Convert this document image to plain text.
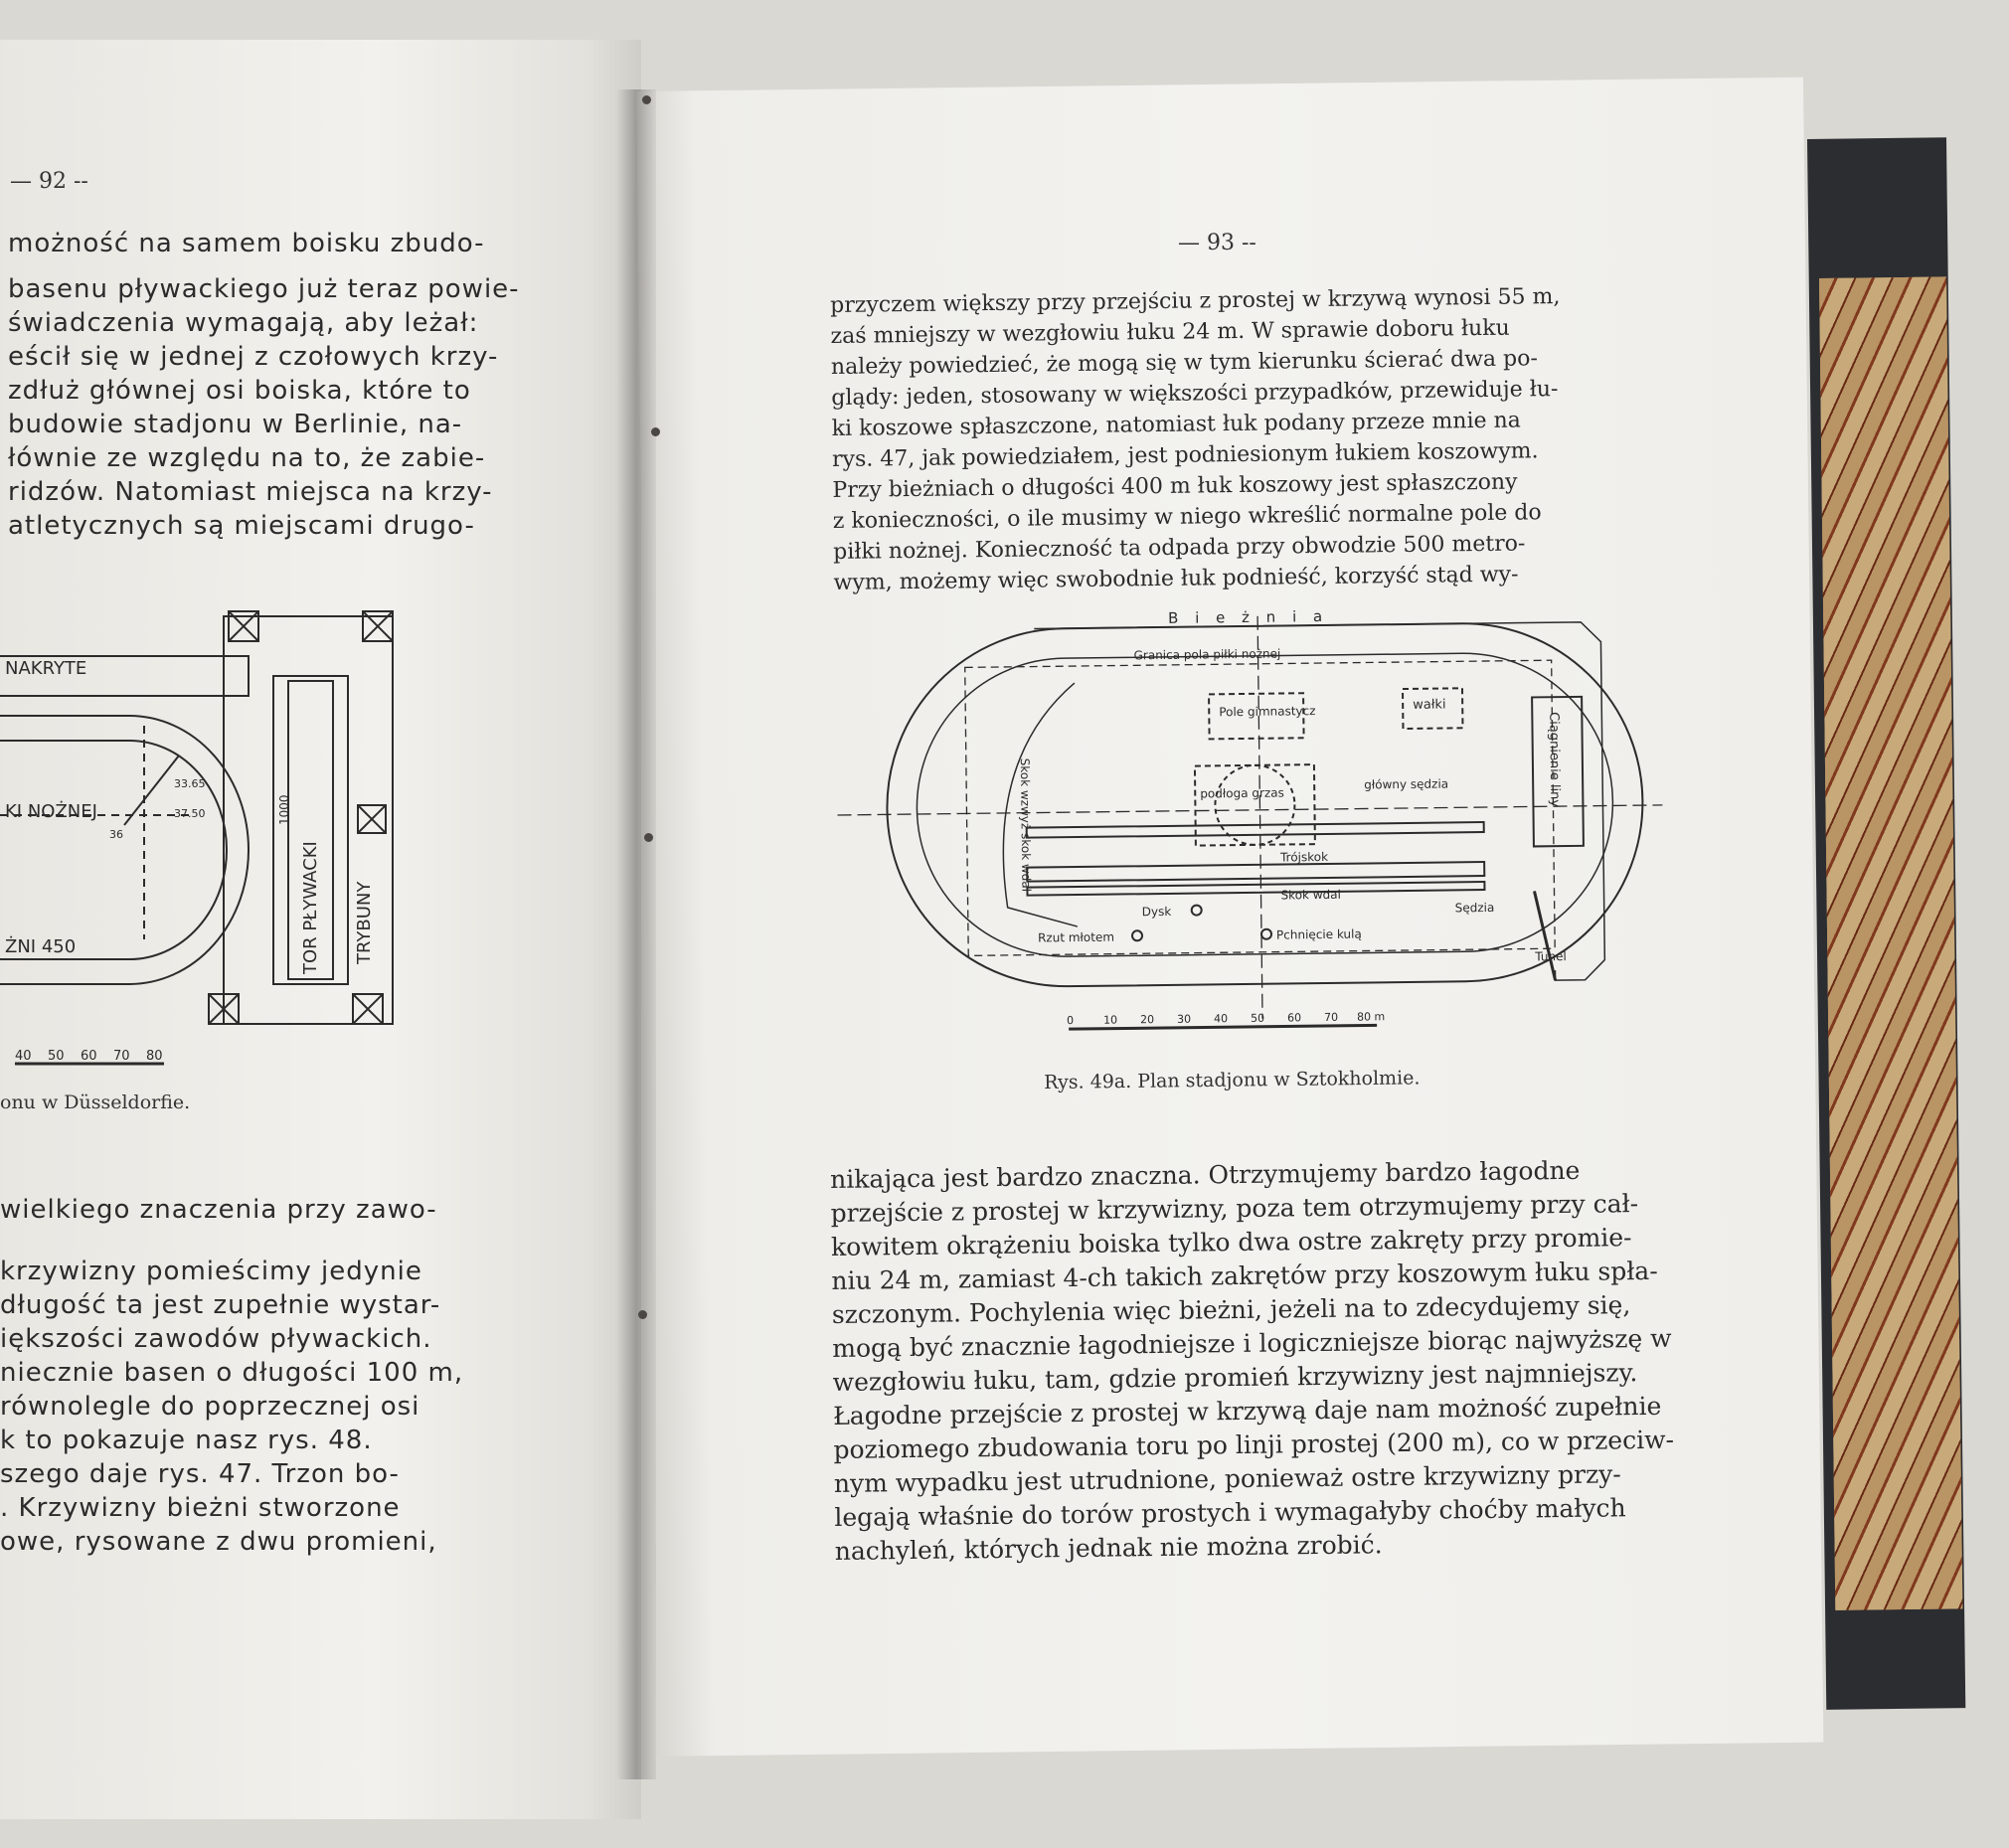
— 92 --
możność na samem boisku zbudo-
basenu pływackiego już teraz powie-
świadczenia wymagają, aby leżał:
eścił się w jednej z czołowych krzy-
zdłuż głównej osi boiska, które to
budowie stadjonu w Berlinie, na-
łównie ze względu na to, że zabie-
ridzów. Natomiast miejsca na krzy-
atletycznych są miejscami drugo-
NAKRYTE
KI NOŻNEJ
ŻNI 450
33.65
37.50
36
TOR PŁYWACKI
1000
TRYBUNY
40 50 60 70 80
onu w Düsseldorfie.
wielkiego znaczenia przy zawo-
krzywizny pomieścimy jedynie
długość ta jest zupełnie wystar-
iększości zawodów pływackich.
niecznie basen o długości 100 m,
równolegle do poprzecznej osi
k to pokazuje nasz rys. 48.
szego daje rys. 47. Trzon bo-
. Krzywizny bieżni stworzone
owe, rysowane z dwu promieni,
— 93 --
przyczem większy przy przejściu z prostej w krzywą wynosi 55 m,
zaś mniejszy w wezgłowiu łuku 24 m. W sprawie doboru łuku
należy powiedzieć, że mogą się w tym kierunku ścierać dwa po-
glądy: jeden, stosowany w większości przypadków, przewiduje łu-
ki koszowe spłaszczone, natomiast łuk podany przeze mnie na
rys. 47, jak powiedziałem, jest podniesionym łukiem koszowym.
Przy bieżniach o długości 400 m łuk koszowy jest spłaszczony
z konieczności, o ile musimy w niego wkreślić normalne pole do
piłki nożnej. Konieczność ta odpada przy obwodzie 500 metro-
wym, możemy więc swobodnie łuk podnieść, korzyść stąd wy-
B i e ż n i a
Granica pola piłki nożnej
Pole gimnastycz	wałki
Skok wzwyż skok wdal	podłoga grzas
główny sędzia	Ciągnienie liny
Trójskok
Skok wdal
Dysk
Rzut młotem	Pchnięcie kulą
Sędzia
Tunel
0	10 20 30 40 50 60 70 80 m
Rys. 49a. Plan stadjonu w Sztokholmie.
nikająca jest bardzo znaczna. Otrzymujemy bardzo łagodne
przejście z prostej w krzywizny, poza tem otrzymujemy przy cał-
kowitem okrążeniu boiska tylko dwa ostre zakręty przy promie-
niu 24 m, zamiast 4-ch takich zakrętów przy koszowym łuku spła-
szczonym. Pochylenia więc bieżni, jeżeli na to zdecydujemy się,
mogą być znacznie łagodniejsze i logiczniejsze biorąc najwyższę w
wezgłowiu łuku, tam, gdzie promień krzywizny jest najmniejszy.
Łagodne przejście z prostej w krzywą daje nam możność zupełnie
poziomego zbudowania toru po linji prostej (200 m), co w przeciw-
nym wypadku jest utrudnione, ponieważ ostre krzywizny przy-
legają właśnie do torów prostych i wymagałyby choćby małych
nachyleń, których jednak nie można zrobić.
